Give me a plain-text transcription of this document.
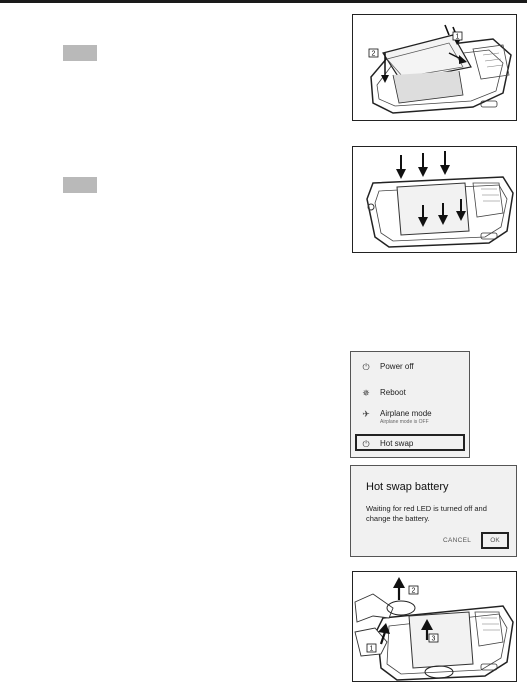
1
2
⏻ Power off
✵ Reboot
✈ Airplane mode
Airplane mode is OFF
⏻ Hot swap
Hot swap battery
Waiting for red LED is turned off and change the battery.
CANCEL	OK
2
3
1
